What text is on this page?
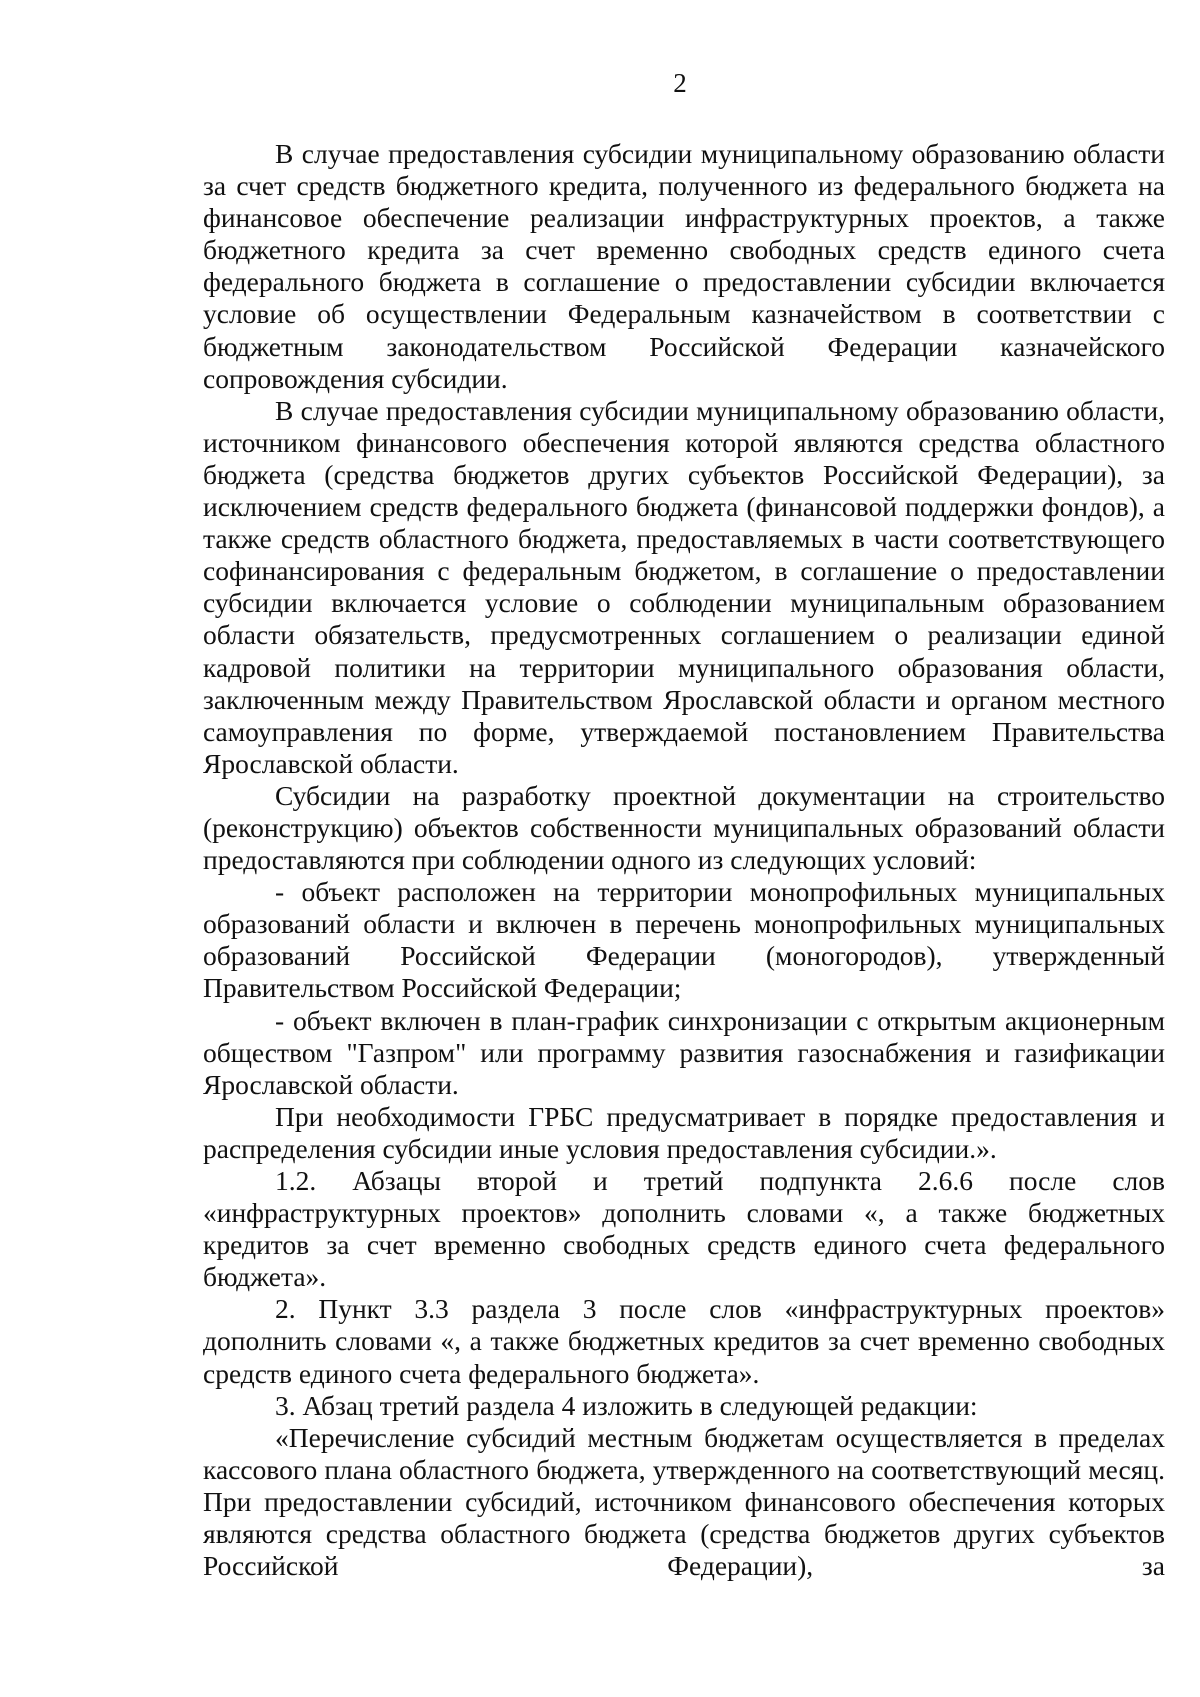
2

В случае предоставления субсидии муниципальному образованию области за счет средств бюджетного кредита, полученного из федерального бюджета на финансовое обеспечение реализации инфраструктурных проектов, а также бюджетного кредита за счет временно свободных средств единого счета федерального бюджета в соглашение о предоставлении субсидии включается условие об осуществлении Федеральным казначейством в соответствии с бюджетным законодательством Российской Федерации казначейского сопровождения субсидии.

В случае предоставления субсидии муниципальному образованию области, источником финансового обеспечения которой являются средства областного бюджета (средства бюджетов других субъектов Российской Федерации), за исключением средств федерального бюджета (финансовой поддержки фондов), а также средств областного бюджета, предоставляемых в части соответствующего софинансирования с федеральным бюджетом, в соглашение о предоставлении субсидии включается условие о соблюдении муниципальным образованием области обязательств, предусмотренных соглашением о реализации единой кадровой политики на территории муниципального образования области, заключенным между Правительством Ярославской области и органом местного самоуправления по форме, утверждаемой постановлением Правительства Ярославской области.

Субсидии на разработку проектной документации на строительство (реконструкцию) объектов собственности муниципальных образований области предоставляются при соблюдении одного из следующих условий:

- объект расположен на территории монопрофильных муниципальных образований области и включен в перечень монопрофильных муниципальных образований Российской Федерации (моногородов), утвержденный Правительством Российской Федерации;

- объект включен в план-график синхронизации с открытым акционерным обществом "Газпром" или программу развития газоснабжения и газификации Ярославской области.

При необходимости ГРБС предусматривает в порядке предоставления и распределения субсидии иные условия предоставления субсидии.».

1.2. Абзацы второй и третий подпункта 2.6.6 после слов «инфраструктурных проектов» дополнить словами «, а также бюджетных кредитов за счет временно свободных средств единого счета федерального бюджета».

2. Пункт 3.3 раздела 3 после слов «инфраструктурных проектов» дополнить словами «, а также бюджетных кредитов за счет временно свободных средств единого счета федерального бюджета».

3. Абзац третий раздела 4 изложить в следующей редакции:

«Перечисление субсидий местным бюджетам осуществляется в пределах кассового плана областного бюджета, утвержденного на соответствующий месяц. При предоставлении субсидий, источником финансового обеспечения которых являются средства областного бюджета (средства бюджетов других субъектов Российской Федерации), за
